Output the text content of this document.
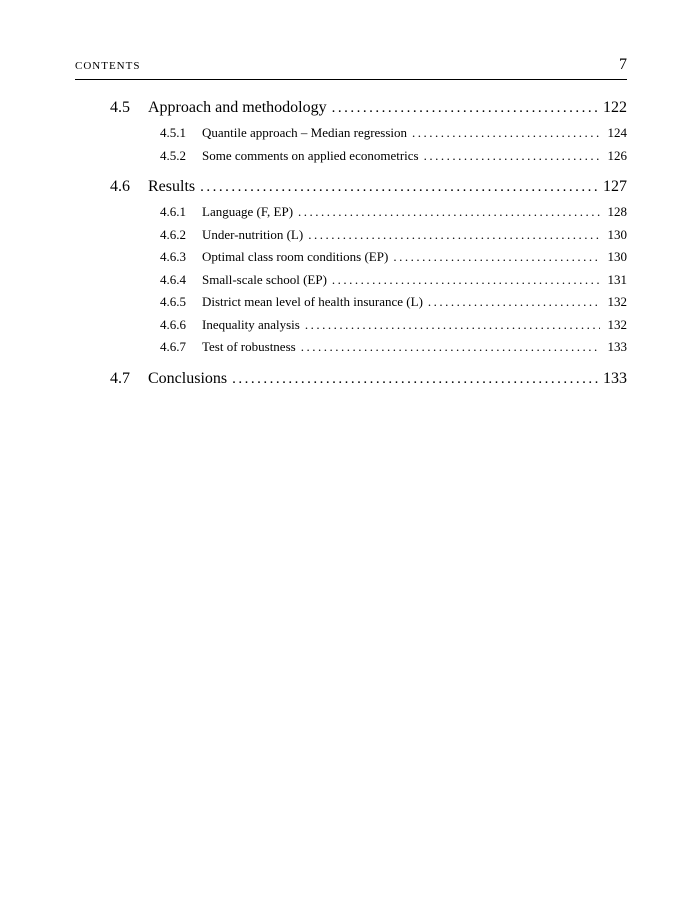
CONTENTS	7
4.5	Approach and methodology .....	122
4.5.1	Quantile approach – Median regression .....	124
4.5.2	Some comments on applied econometrics .....	126
4.6	Results .....	127
4.6.1	Language (F, EP) .....	128
4.6.2	Under-nutrition (L) .....	130
4.6.3	Optimal class room conditions (EP) .....	130
4.6.4	Small-scale school (EP) .....	131
4.6.5	District mean level of health insurance (L) .....	132
4.6.6	Inequality analysis .....	132
4.6.7	Test of robustness .....	133
4.7	Conclusions .....	133
